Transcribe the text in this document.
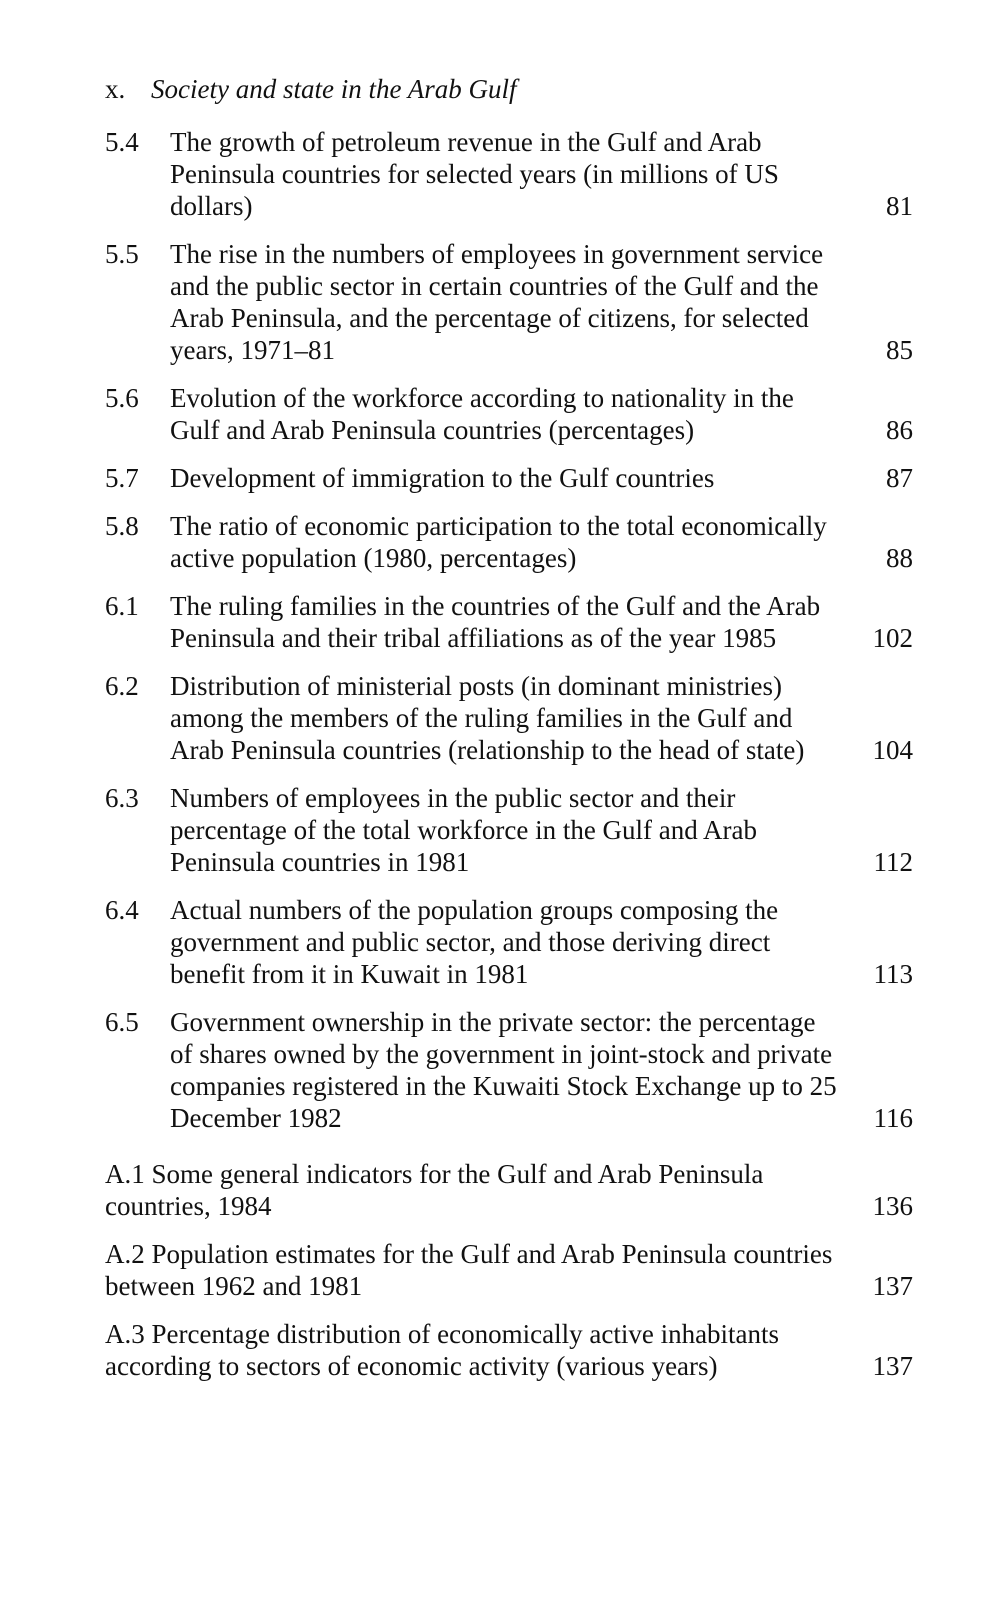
x. Society and state in the Arab Gulf
5.4	The growth of petroleum revenue in the Gulf and Arab Peninsula countries for selected years (in millions of US dollars)	81
5.5	The rise in the numbers of employees in government service and the public sector in certain countries of the Gulf and the Arab Peninsula, and the percentage of citizens, for selected years, 1971–81	85
5.6	Evolution of the workforce according to nationality in the Gulf and Arab Peninsula countries (percentages)	86
5.7	Development of immigration to the Gulf countries	87
5.8	The ratio of economic participation to the total economically active population (1980, percentages)	88
6.1	The ruling families in the countries of the Gulf and the Arab Peninsula and their tribal affiliations as of the year 1985	102
6.2	Distribution of ministerial posts (in dominant ministries) among the members of the ruling families in the Gulf and Arab Peninsula countries (relationship to the head of state)	104
6.3	Numbers of employees in the public sector and their percentage of the total workforce in the Gulf and Arab Peninsula countries in 1981	112
6.4	Actual numbers of the population groups composing the government and public sector, and those deriving direct benefit from it in Kuwait in 1981	113
6.5	Government ownership in the private sector: the percentage of shares owned by the government in joint-stock and private companies registered in the Kuwaiti Stock Exchange up to 25 December 1982	116
A.1 Some general indicators for the Gulf and Arab Peninsula countries, 1984	136
A.2 Population estimates for the Gulf and Arab Peninsula countries between 1962 and 1981	137
A.3 Percentage distribution of economically active inhabitants according to sectors of economic activity (various years)	137
